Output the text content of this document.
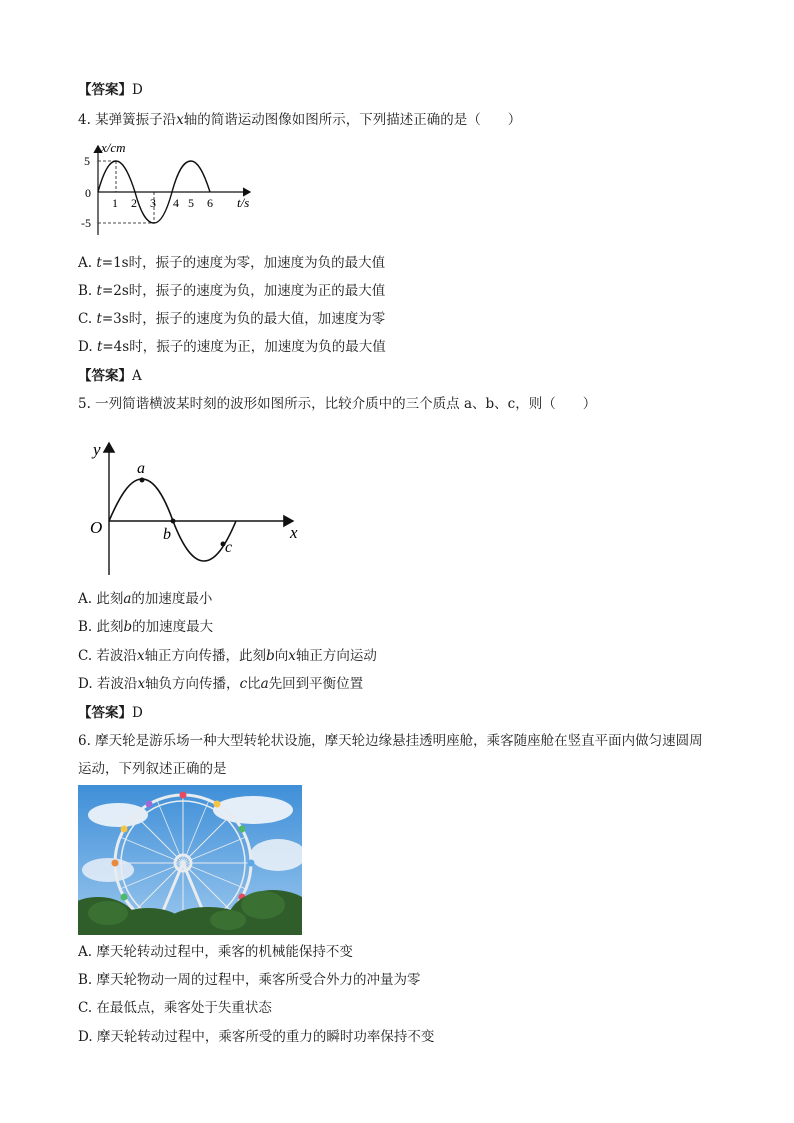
【答案】D
4. 某弹簧振子沿x轴的简谐运动图像如图所示，下列描述正确的是（　　）
x/cm
5
0
-5
1 2 3 4 5 6 t/s
A. t=1s时，振子的速度为零，加速度为负的最大值
B. t=2s时，振子的速度为负，加速度为正的最大值
C. t=3s时，振子的速度为负的最大值，加速度为零
D. t=4s时，振子的速度为正，加速度为负的最大值
【答案】A
5. 一列简谐横波某时刻的波形如图所示，比较介质中的三个质点 a、b、c，则（　　）
y
x
O
a
b
c
A. 此刻a的加速度最小
B. 此刻b的加速度最大
C. 若波沿x轴正方向传播，此刻b向x轴正方向运动
D. 若波沿x轴负方向传播，c比a先回到平衡位置
【答案】D
6. 摩天轮是游乐场一种大型转轮状设施，摩天轮边缘悬挂透明座舱，乘客随座舱在竖直平面内做匀速圆周
运动，下列叙述正确的是
A. 摩天轮转动过程中，乘客的机械能保持不变
B. 摩天轮物动一周的过程中，乘客所受合外力的冲量为零
C. 在最低点，乘客处于失重状态
D. 摩天轮转动过程中，乘客所受的重力的瞬时功率保持不变
